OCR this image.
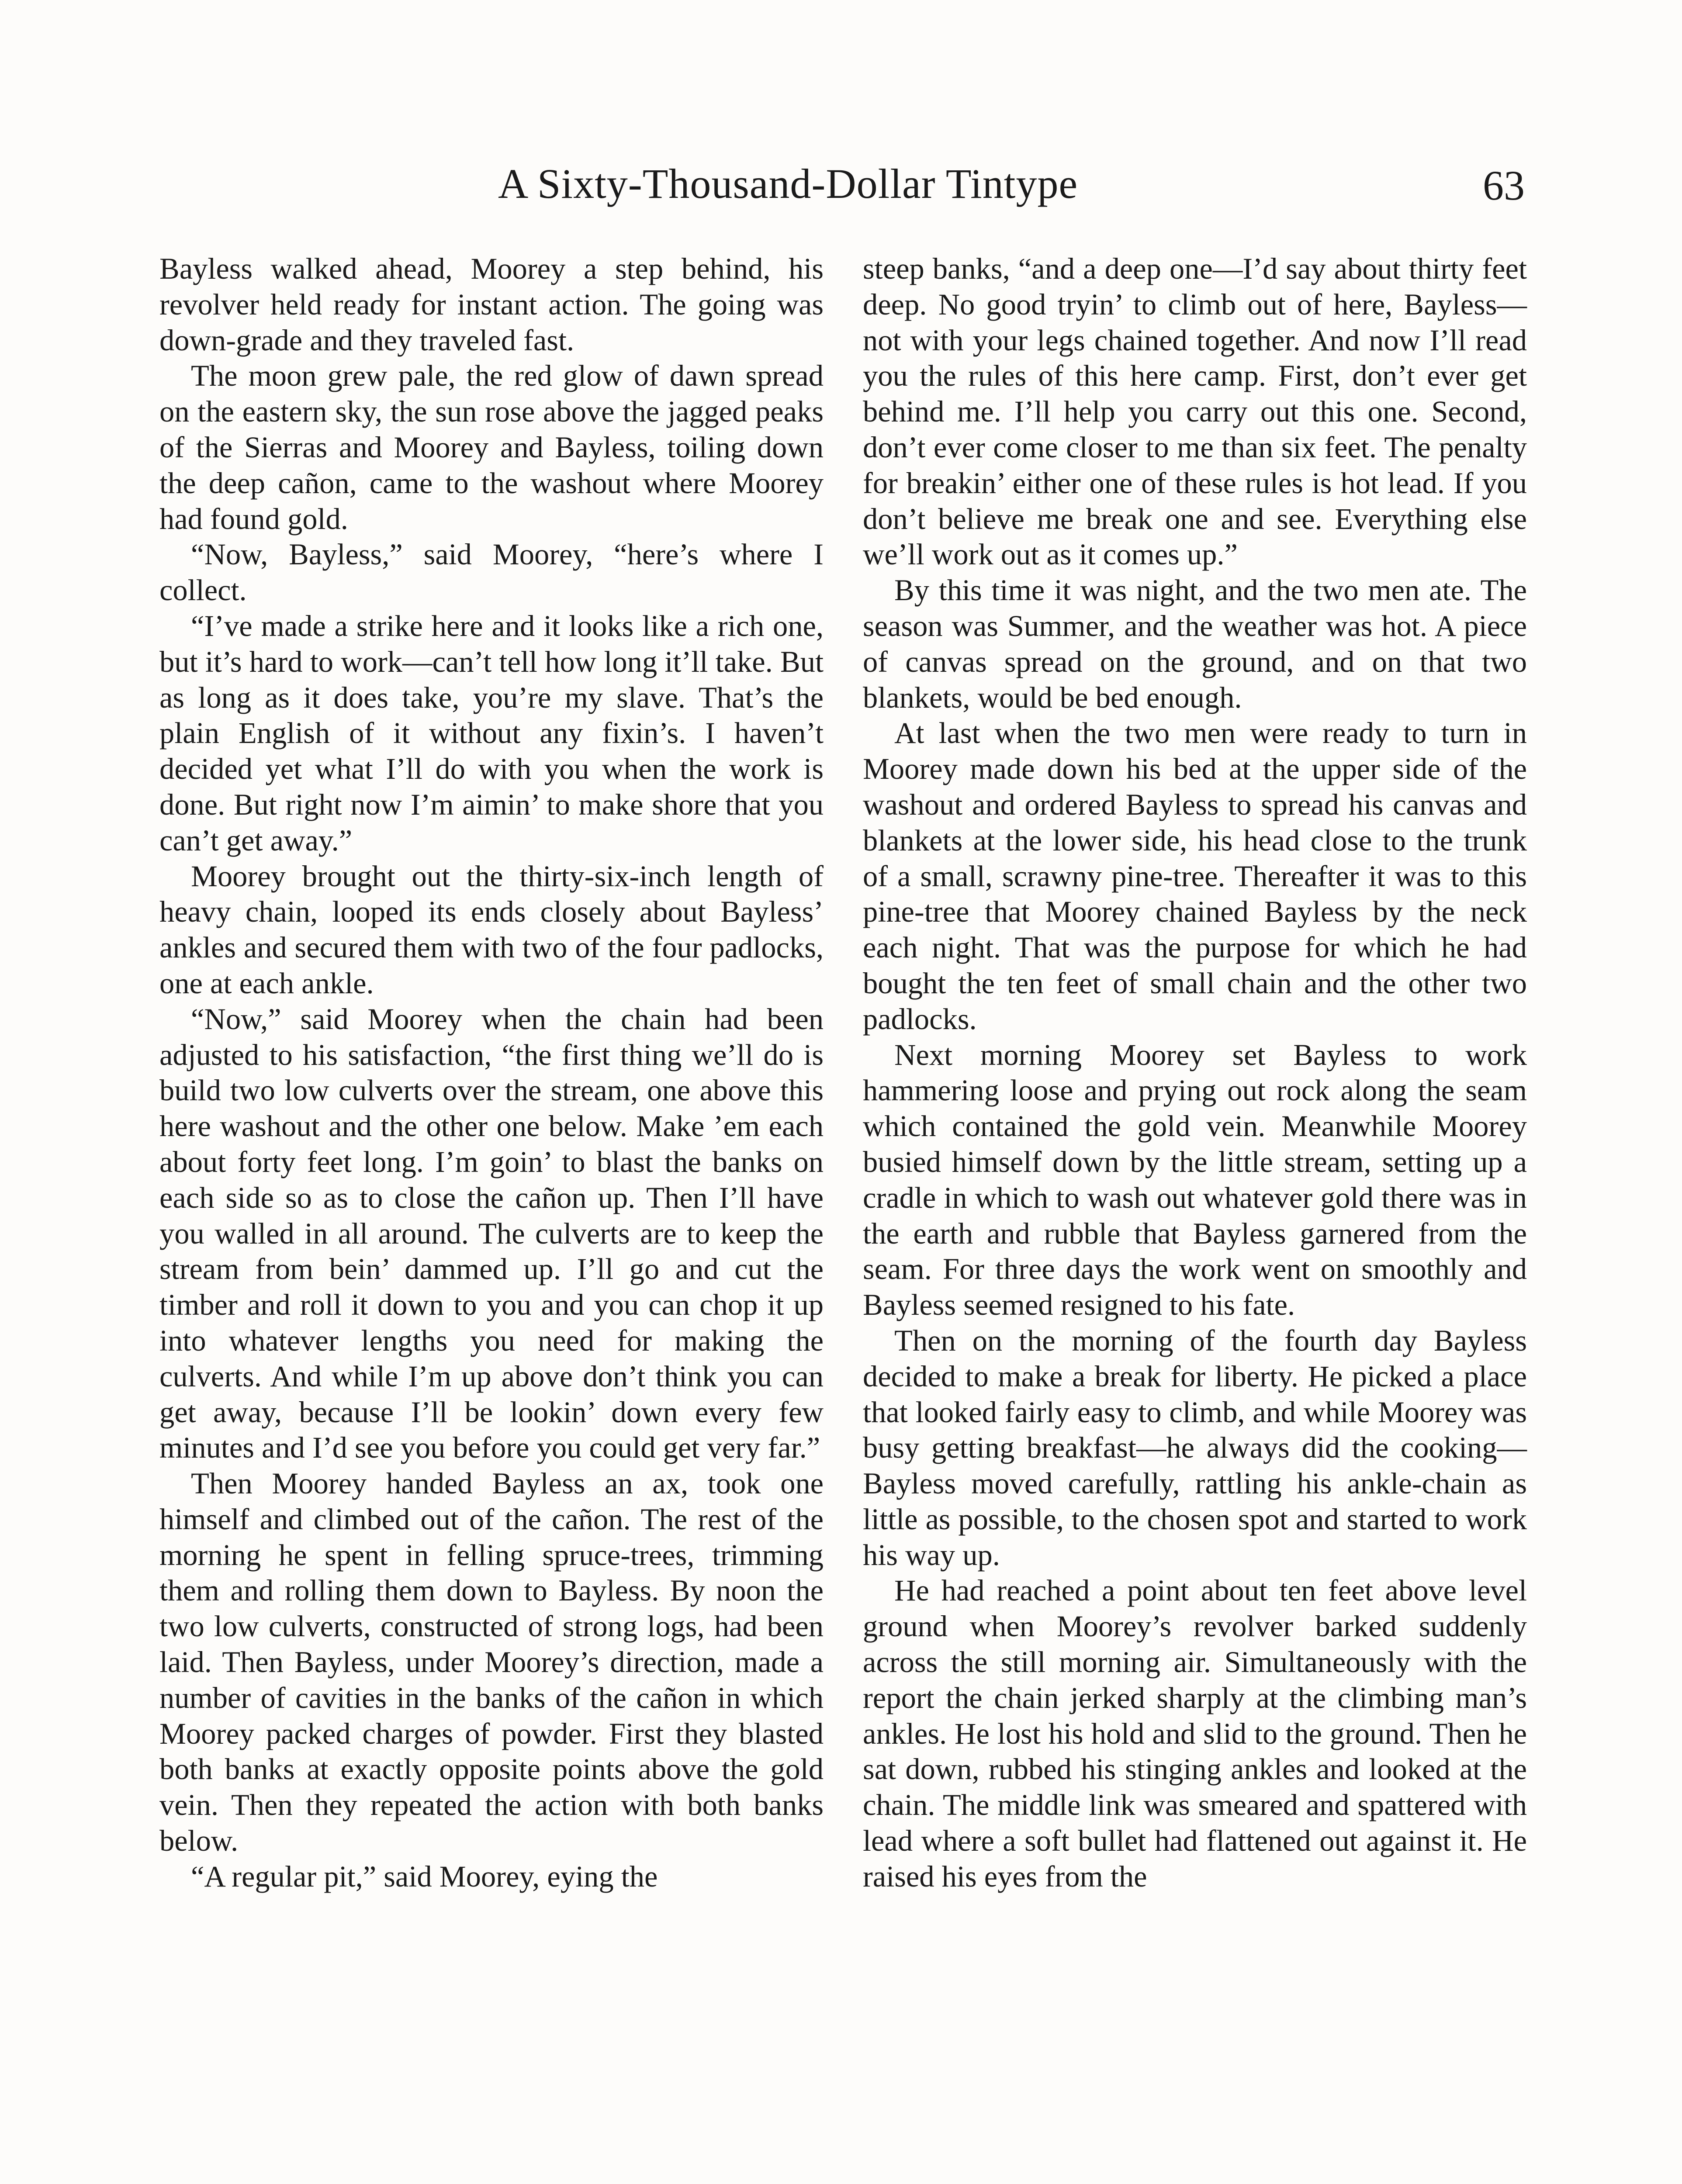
A Sixty-Thousand-Dollar Tintype	63

Bayless walked ahead, Moorey a step behind, his revolver held ready for instant action. The going was down-grade and they traveled fast.

The moon grew pale, the red glow of dawn spread on the eastern sky, the sun rose above the jagged peaks of the Sierras and Moorey and Bayless, toiling down the deep cañon, came to the washout where Moorey had found gold.

“Now, Bayless,” said Moorey, “here’s where I collect.

“I’ve made a strike here and it looks like a rich one, but it’s hard to work—can’t tell how long it’ll take. But as long as it does take, you’re my slave. That’s the plain English of it without any fixin’s. I haven’t decided yet what I’ll do with you when the work is done. But right now I’m aimin’ to make shore that you can’t get away.”

Moorey brought out the thirty-six-inch length of heavy chain, looped its ends closely about Bayless’ ankles and secured them with two of the four padlocks, one at each ankle.

“Now,” said Moorey when the chain had been adjusted to his satisfaction, “the first thing we’ll do is build two low culverts over the stream, one above this here washout and the other one below. Make ’em each about forty feet long. I’m goin’ to blast the banks on each side so as to close the cañon up. Then I’ll have you walled in all around. The culverts are to keep the stream from bein’ dammed up. I’ll go and cut the timber and roll it down to you and you can chop it up into whatever lengths you need for making the culverts. And while I’m up above don’t think you can get away, because I’ll be lookin’ down every few minutes and I’d see you before you could get very far.”

Then Moorey handed Bayless an ax, took one himself and climbed out of the cañon. The rest of the morning he spent in felling spruce-trees, trimming them and rolling them down to Bayless. By noon the two low culverts, constructed of strong logs, had been laid. Then Bayless, under Moorey’s direction, made a number of cavities in the banks of the cañon in which Moorey packed charges of powder. First they blasted both banks at exactly opposite points above the gold vein. Then they repeated the action with both banks below.

“A regular pit,” said Moorey, eying the

steep banks, “and a deep one—I’d say about thirty feet deep. No good tryin’ to climb out of here, Bayless—not with your legs chained together. And now I’ll read you the rules of this here camp. First, don’t ever get behind me. I’ll help you carry out this one. Second, don’t ever come closer to me than six feet. The penalty for breakin’ either one of these rules is hot lead. If you don’t believe me break one and see. Everything else we’ll work out as it comes up.”

By this time it was night, and the two men ate. The season was Summer, and the weather was hot. A piece of canvas spread on the ground, and on that two blankets, would be bed enough.

At last when the two men were ready to turn in Moorey made down his bed at the upper side of the washout and ordered Bayless to spread his canvas and blankets at the lower side, his head close to the trunk of a small, scrawny pine-tree. Thereafter it was to this pine-tree that Moorey chained Bayless by the neck each night. That was the purpose for which he had bought the ten feet of small chain and the other two padlocks.

Next morning Moorey set Bayless to work hammering loose and prying out rock along the seam which contained the gold vein. Meanwhile Moorey busied himself down by the little stream, setting up a cradle in which to wash out whatever gold there was in the earth and rubble that Bayless garnered from the seam. For three days the work went on smoothly and Bayless seemed resigned to his fate.

Then on the morning of the fourth day Bayless decided to make a break for liberty. He picked a place that looked fairly easy to climb, and while Moorey was busy getting breakfast—he always did the cooking—Bayless moved carefully, rattling his ankle-chain as little as possible, to the chosen spot and started to work his way up.

He had reached a point about ten feet above level ground when Moorey’s revolver barked suddenly across the still morning air. Simultaneously with the report the chain jerked sharply at the climbing man’s ankles. He lost his hold and slid to the ground. Then he sat down, rubbed his stinging ankles and looked at the chain. The middle link was smeared and spattered with lead where a soft bullet had flattened out against it. He raised his eyes from the
